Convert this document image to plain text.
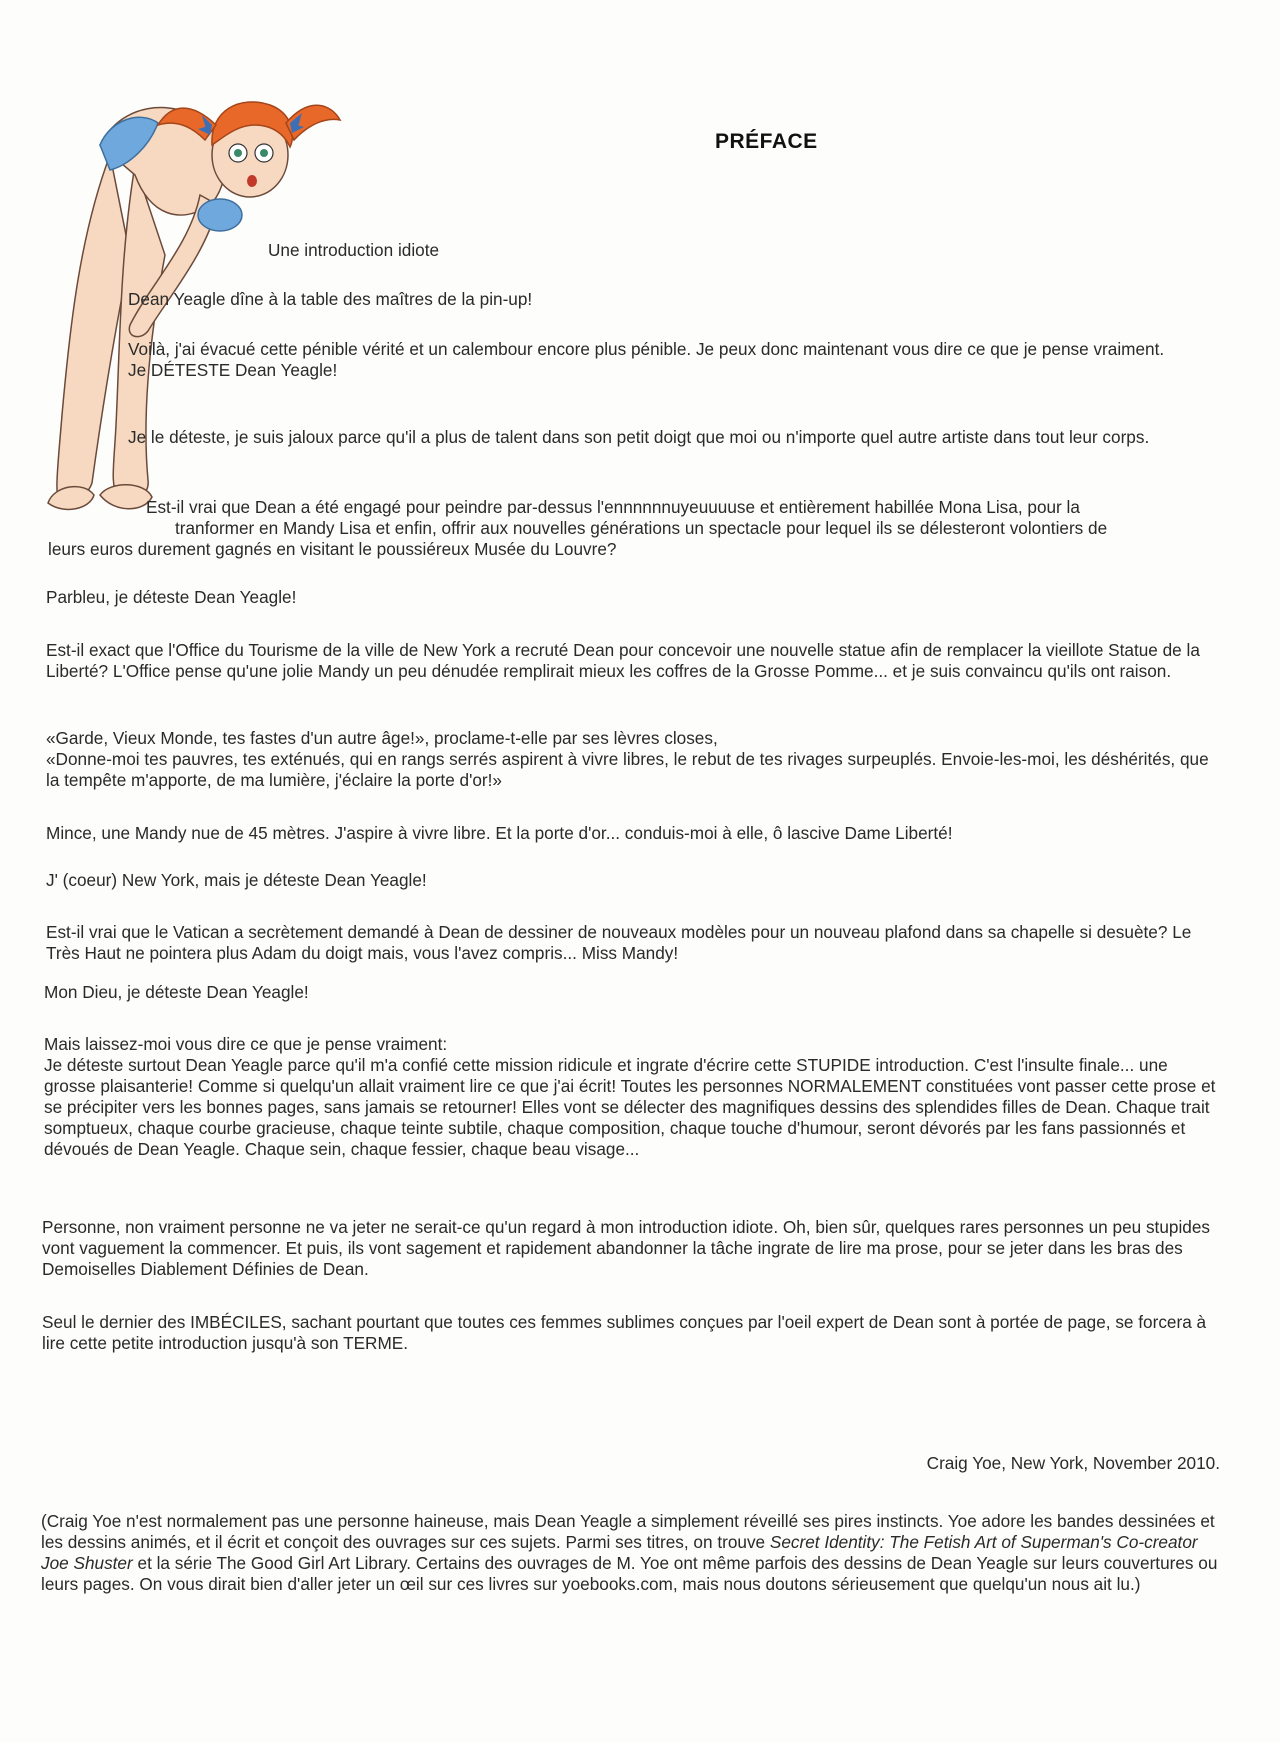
PRÉFACE
Une introduction idiote
Dean Yeagle dîne à la table des maîtres de la pin-up!
Voilà, j'ai évacué cette pénible vérité et un calembour encore plus pénible. Je peux donc maintenant vous dire ce que je pense vraiment.
Je DÉTESTE Dean Yeagle!
Je le déteste, je suis jaloux parce qu'il a plus de talent dans son petit doigt que moi ou n'importe quel autre artiste dans tout leur corps.
Est-il vrai que Dean a été engagé pour peindre par-dessus l'ennnnnnuyeuuuuse et entièrement habillée Mona Lisa, pour la
tranformer en Mandy Lisa et enfin, offrir aux nouvelles générations un spectacle pour lequel ils se délesteront volontiers de
leurs euros durement gagnés en visitant le poussiéreux Musée du Louvre?
Parbleu, je déteste Dean Yeagle!
Est-il exact que l'Office du Tourisme de la ville de New York a recruté Dean pour concevoir une nouvelle statue afin de remplacer la vieillote Statue de la Liberté? L'Office pense qu'une jolie Mandy un peu dénudée remplirait mieux les coffres de la Grosse Pomme... et je suis convaincu qu'ils ont raison.
«Garde, Vieux Monde, tes fastes d'un autre âge!», proclame-t-elle par ses lèvres closes,
«Donne-moi tes pauvres, tes exténués, qui en rangs serrés aspirent à vivre libres, le rebut de tes rivages surpeuplés. Envoie-les-moi, les déshérités, que la tempête m'apporte, de ma lumière, j'éclaire la porte d'or!»
Mince, une Mandy nue de 45 mètres. J'aspire à vivre libre. Et la porte d'or... conduis-moi à elle, ô lascive Dame Liberté!
J' (coeur) New York, mais je déteste Dean Yeagle!
Est-il vrai que le Vatican a secrètement demandé à Dean de dessiner de nouveaux modèles pour un nouveau plafond dans sa chapelle si desuète? Le Très Haut ne pointera plus Adam du doigt mais, vous l'avez compris... Miss Mandy!
Mon Dieu, je déteste Dean Yeagle!
Mais laissez-moi vous dire ce que je pense vraiment:
Je déteste surtout Dean Yeagle parce qu'il m'a confié cette mission ridicule et ingrate d'écrire cette STUPIDE introduction. C'est l'insulte finale... une grosse plaisanterie! Comme si quelqu'un allait vraiment lire ce que j'ai écrit! Toutes les personnes NORMALEMENT constituées vont passer cette prose et se précipiter vers les bonnes pages, sans jamais se retourner! Elles vont se délecter des magnifiques dessins des splendides filles de Dean. Chaque trait somptueux, chaque courbe gracieuse, chaque teinte subtile, chaque composition, chaque touche d'humour, seront dévorés par les fans passionnés et dévoués de Dean Yeagle. Chaque sein, chaque fessier, chaque beau visage...
Personne, non vraiment personne ne va jeter ne serait-ce qu'un regard à mon introduction idiote. Oh, bien sûr, quelques rares personnes un peu stupides vont vaguement la commencer. Et puis, ils vont sagement et rapidement abandonner la tâche ingrate de lire ma prose, pour se jeter dans les bras des Demoiselles Diablement Définies de Dean.
Seul le dernier des IMBÉCILES, sachant pourtant que toutes ces femmes sublimes conçues par l'oeil expert de Dean sont à portée de page, se forcera à lire cette petite introduction jusqu'à son TERME.
Craig Yoe, New York, November 2010.
(Craig Yoe n'est normalement pas une personne haineuse, mais Dean Yeagle a simplement réveillé ses pires instincts. Yoe adore les bandes dessinées et les dessins animés, et il écrit et conçoit des ouvrages sur ces sujets. Parmi ses titres, on trouve Secret Identity: The Fetish Art of Superman's Co-creator Joe Shuster et la série The Good Girl Art Library. Certains des ouvrages de M. Yoe ont même parfois des dessins de Dean Yeagle sur leurs couvertures ou leurs pages. On vous dirait bien d'aller jeter un œil sur ces livres sur yoebooks.com, mais nous doutons sérieusement que quelqu'un nous ait lu.)
